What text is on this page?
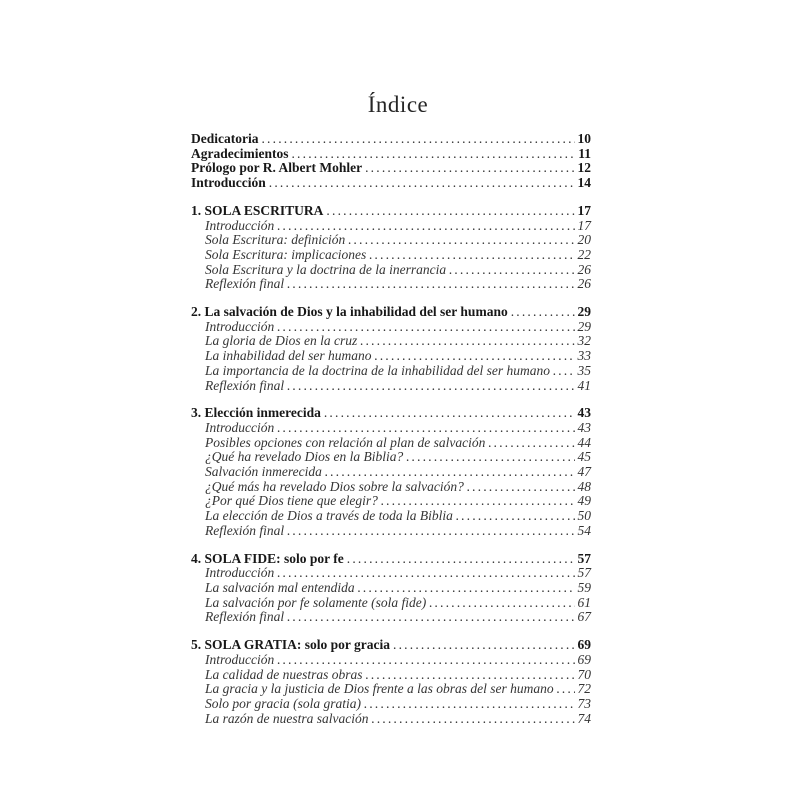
Índice
Dedicatoria .....	10
Agradecimientos .....	11
Prólogo por R. Albert Mohler .....	12
Introducción .....	14
1. SOLA ESCRITURA .....	17
Introducción .....	17
Sola Escritura: definición .....	20
Sola Escritura: implicaciones .....	22
Sola Escritura y la doctrina de la inerrancia .....	26
Reflexión final .....	26
2. La salvación de Dios y la inhabilidad del ser humano .....	29
Introducción .....	29
La gloria de Dios en la cruz .....	32
La inhabilidad del ser humano .....	33
La importancia de la doctrina de la inhabilidad del ser humano ..... 35
Reflexión final .....	41
3. Elección inmerecida .....	43
Introducción .....	43
Posibles opciones con relación al plan de salvación .....	44
¿Qué ha revelado Dios en la Biblia? .....	45
Salvación inmerecida .....	47
¿Qué más ha revelado Dios sobre la salvación? .....	48
¿Por qué Dios tiene que elegir? .....	49
La elección de Dios a través de toda la Biblia .....	50
Reflexión final .....	54
4. SOLA FIDE: solo por fe .....	57
Introducción .....	57
La salvación mal entendida .....	59
La salvación por fe solamente (sola fide) .....	61
Reflexión final .....	67
5. SOLA GRATIA: solo por gracia .....	69
Introducción .....	69
La calidad de nuestras obras .....	70
La gracia y la justicia de Dios frente a las obras del ser humano ..... 72
Solo por gracia (sola gratia) .....	73
La razón de nuestra salvación .....	74
